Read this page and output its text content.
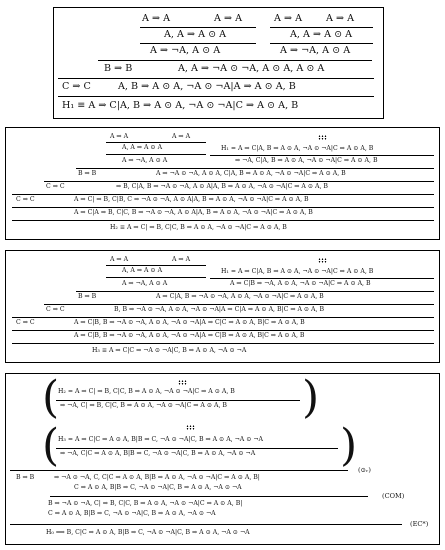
A ⇒ A	A ⇒ A	A ⇒ A	A ⇒ A
A, A ⇒ A ⊙ A	A, A ⇒ A ⊙ A
A ⇒ ¬A, A ⊙ A	A ⇒ ¬A, A ⊙ A
B ⇒ B	A, A ⇒ ¬A ⊙ ¬A, A ⊙ A, A ⊙ A
C ⇒ C	A, B ⇒ A ⊙ A, ¬A ⊙ ¬A|A ⇒ A ⊙ A, B
H₁ ≡ A ⇒ C|A, B ⇒ A ⊙ A, ¬A ⊙ ¬A|C ⇒ A ⊙ A, B
A ⇒ A	A ⇒ A
A, A ⇒ A ⊙ A	H₁ = A ⇒ C|A, B ⇒ A ⊙ A, ¬A ⊙ ¬A|C ⇒ A ⊙ A, B
A ⇒ ¬A, A ⊙ A	⇒ ¬A, C|A, B ⇒ A ⊙ A, ¬A ⊙ ¬A|C ⇒ A ⊙ A, B
B ⇒ B	A ⇒ ¬A ⊙ ¬A, A ⊙ A, C|A, B ⇒ A ⊙ A, ¬A ⊙ ¬A|C ⇒ A ⊙ A, B
C ⇒ C	⇒ B, C|A, B ⇒ ¬A ⊙ ¬A, A ⊙ A|A, B ⇒ A ⊙ A, ¬A ⊙ ¬A|C ⇒ A ⊙ A, B
C ⇒ C	A ⇒ C| ⇒ B, C|B, C ⇒ ¬A ⊙ ¬A, A ⊙ A|A, B ⇒ A ⊙ A, ¬A ⊙ ¬A|C ⇒ A ⊙ A, B
A ⇒ C|A ⇒ B, C|C, B ⇒ ¬A ⊙ ¬A, A ⊙ A|A, B ⇒ A ⊙ A, ¬A ⊙ ¬A|C ⇒ A ⊙ A, B
H₂ ≡ A ⇒ C| ⇒ B, C|C, B ⇒ A ⊙ A, ¬A ⊙ ¬A|C ⇒ A ⊙ A, B
A ⇒ A	A ⇒ A
A, A ⇒ A ⊙ A	H₁ = A ⇒ C|A, B ⇒ A ⊙ A, ¬A ⊙ ¬A|C ⇒ A ⊙ A, B
A ⇒ ¬A, A ⊙ A	A ⇒ C|B ⇒ ¬A, A ⊙ A, ¬A ⊙ ¬A|C ⇒ A ⊙ A, B
B ⇒ B	A ⇒ C|A, B ⇒ ¬A ⊙ ¬A, A ⊙ A, ¬A ⊙ ¬A|C ⇒ A ⊙ A, B
C ⇒ C	B, B ⇒ ¬A ⊙ ¬A, A ⊙ A, ¬A ⊙ ¬A|A ⇒ C|A ⇒ A ⊙ A, B|C ⇒ A ⊙ A, B
C ⇒ C	A ⇒ C|B, B ⇒ ¬A ⊙ ¬A, A ⊙ A, ¬A ⊙ ¬A|A ⇒ C|C ⇒ A ⊙ A, B|C ⇒ A ⊙ A, B
A ⇒ C|B, B ⇒ ¬A ⊙ ¬A, A ⊙ A, ¬A ⊙ ¬A|A ⇒ C|B ⇒ A ⊙ A, B|C ⇒ A ⊙ A, B
H₃ ≡ A ⇒ C|C ⇒ ¬A ⊙ ¬A|C, B ⇒ A ⊙ A, ¬A ⊙ ¬A
(	)
H₂ = A ⇒ C| ⇒ B, C|C, B ⇒ A ⊙ A, ¬A ⊙ ¬A|C ⇒ A ⊙ A, B
⇒ ¬A, C| ⇒ B, C|C, B ⇒ A ⊙ A, ¬A ⊙ ¬A|C ⇒ A ⊙ A, B
(	)
H₃ = A ⇒ C|C ⇒ A ⊙ A, B|B ⇒ C, ¬A ⊙ ¬A|C, B ⇒ A ⊙ A, ¬A ⊙ ¬A
⇒ ¬A, C|C ⇒ A ⊙ A, B|B ⇒ C, ¬A ⊙ ¬A|C, B ⇒ A ⊙ A, ¬A ⊙ ¬A
(⊙ᵣ)
B ⇒ B	⇒ ¬A ⊙ ¬A, C, C|C ⇒ A ⊙ A, B|B ⇒ A ⊙ A, ¬A ⊙ ¬A|C ⇒ A ⊙ A, B|
C ⇒ A ⊙ A, B|B ⇒ C, ¬A ⊙ ¬A|C, B ⇒ A ⊙ A, ¬A ⊙ ¬A
(COM)
B ⇒ ¬A ⊙ ¬A, C| ⇒ B, C|C, B ⇒ A ⊙ A, ¬A ⊙ ¬A|C ⇒ A ⊙ A, B|
C ⇒ A ⊙ A, B|B ⇒ C, ¬A ⊙ ¬A|C, B ⇒ A ⊙ A, ¬A ⊙ ¬A
(EC*)
H₀ ⟹ B, C|C ⇒ A ⊙ A, B|B ⇒ C, ¬A ⊙ ¬A|C, B ⇒ A ⊙ A, ¬A ⊙ ¬A
